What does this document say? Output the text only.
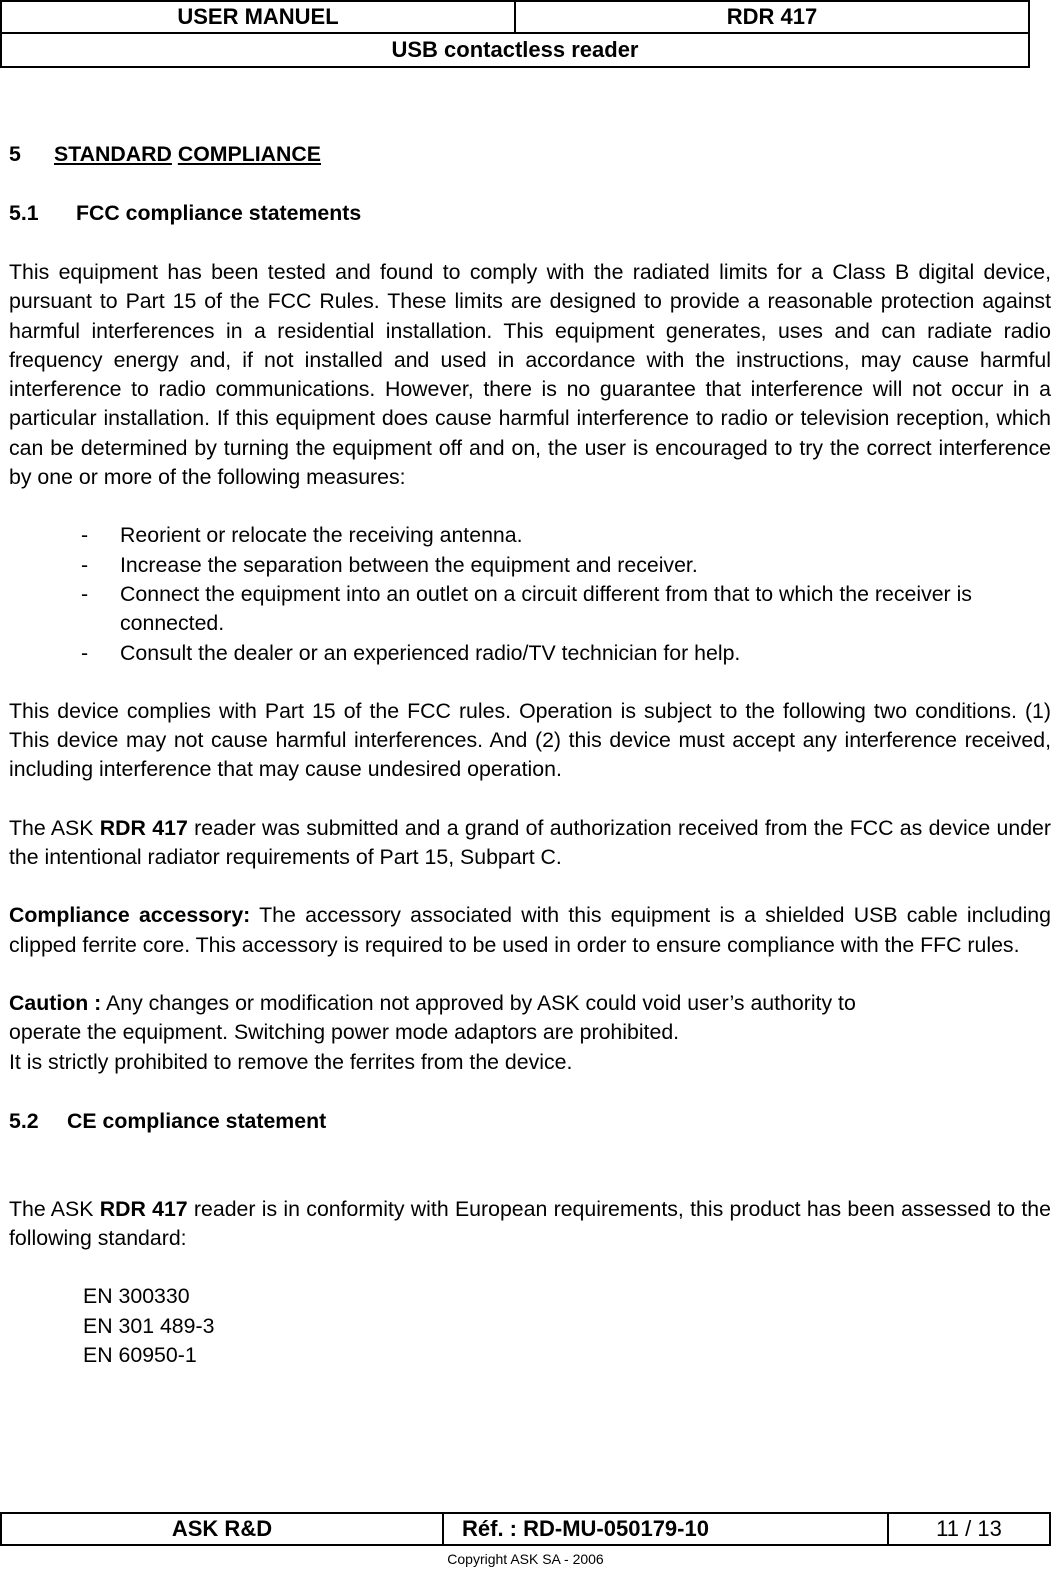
USER MANUEL	RDR 417
USB contactless reader
5 STANDARD COMPLIANCE
5.1 FCC compliance statements

This equipment has been tested and found to comply with the radiated limits for a Class B digital device, pursuant to Part 15 of the FCC Rules. These limits are designed to provide a reasonable protection against harmful interferences in a residential installation. This equipment generates, uses and can radiate radio frequency energy and, if not installed and used in accordance with the instructions, may cause harmful interference to radio communications. However, there is no guarantee that interference will not occur in a particular installation. If this equipment does cause harmful interference to radio or television reception, which can be determined by turning the equipment off and on, the user is encouraged to try the correct interference by one or more of the following measures:

- Reorient or relocate the receiving antenna.
- Increase the separation between the equipment and receiver.
- Connect the equipment into an outlet on a circuit different from that to which the receiver is connected.
- Consult the dealer or an experienced radio/TV technician for help.

This device complies with Part 15 of the FCC rules. Operation is subject to the following two conditions. (1) This device may not cause harmful interferences. And (2) this device must accept any interference received, including interference that may cause undesired operation.

The ASK RDR 417 reader was submitted and a grand of authorization received from the FCC as device under the intentional radiator requirements of Part 15, Subpart C.

Compliance accessory: The accessory associated with this equipment is a shielded USB cable including clipped ferrite core. This accessory is required to be used in order to ensure compliance with the FFC rules.

Caution : Any changes or modification not approved by ASK could void user’s authority to
operate the equipment. Switching power mode adaptors are prohibited.
It is strictly prohibited to remove the ferrites from the device.

5.2 CE compliance statement

The ASK RDR 417 reader is in conformity with European requirements, this product has been assessed to the following standard:

EN 300330
EN 301 489-3
EN 60950-1
ASK R&D	Réf. : RD-MU-050179-10	11 / 13
Copyright ASK SA - 2006
